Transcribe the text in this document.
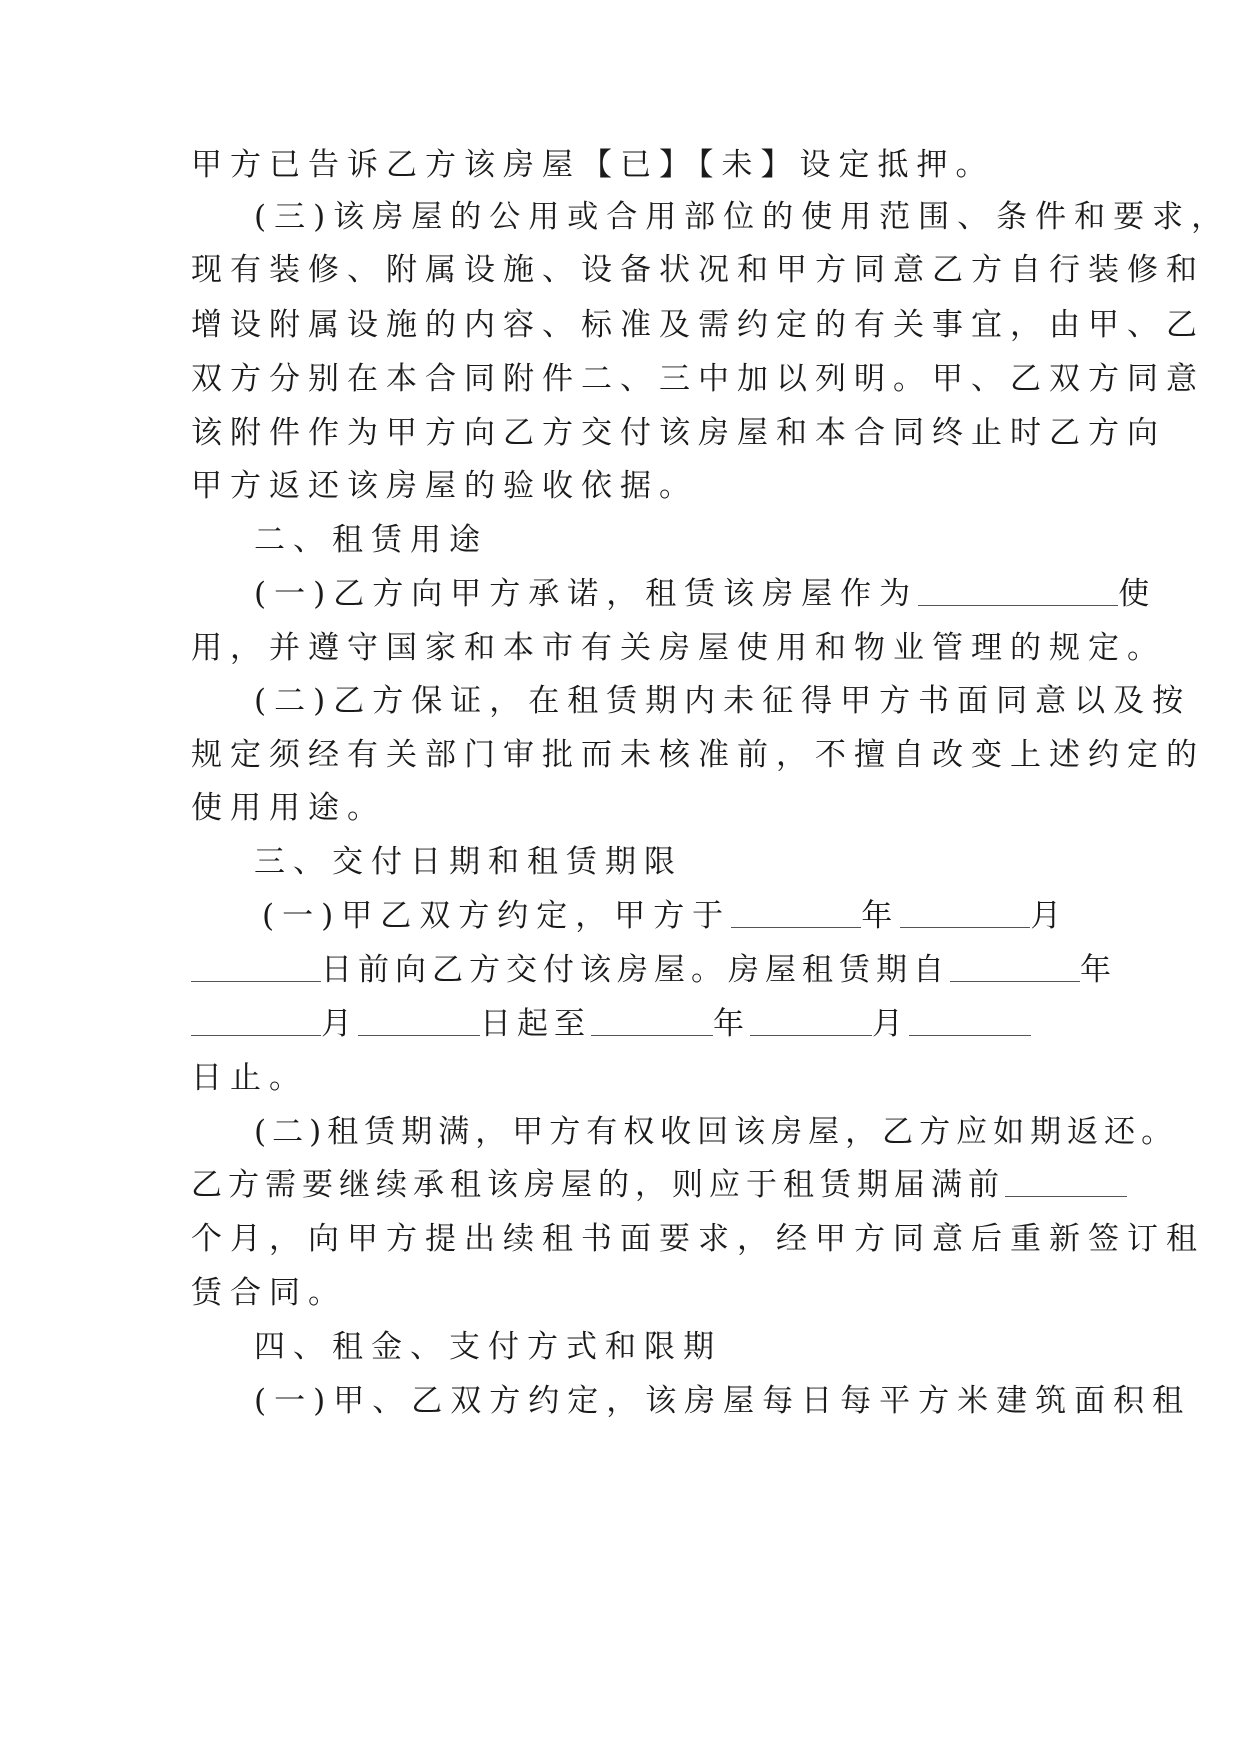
甲方已告诉乙方该房屋【已】【未】设定抵押。
(三)该房屋的公用或合用部位的使用范围、条件和要求，
现有装修、附属设施、设备状况和甲方同意乙方自行装修和
增设附属设施的内容、标准及需约定的有关事宜，由甲、乙
双方分别在本合同附件二、三中加以列明。甲、乙双方同意
该附件作为甲方向乙方交付该房屋和本合同终止时乙方向
甲方返还该房屋的验收依据。
二、租赁用途
(一)乙方向甲方承诺，租赁该房屋作为	使
用，并遵守国家和本市有关房屋使用和物业管理的规定。
(二)乙方保证，在租赁期内未征得甲方书面同意以及按
规定须经有关部门审批而未核准前，不擅自改变上述约定的
使用用途。
三、交付日期和租赁期限
(一)甲乙双方约定，甲方于	年	月
日前向乙方交付该房屋。房屋租赁期自	年
月	日起至	年	月
日止。
(二)租赁期满，甲方有权收回该房屋，乙方应如期返还。
乙方需要继续承租该房屋的，则应于租赁期届满前
个月，向甲方提出续租书面要求，经甲方同意后重新签订租
赁合同。
四、租金、支付方式和限期
(一)甲、乙双方约定，该房屋每日每平方米建筑面积租
